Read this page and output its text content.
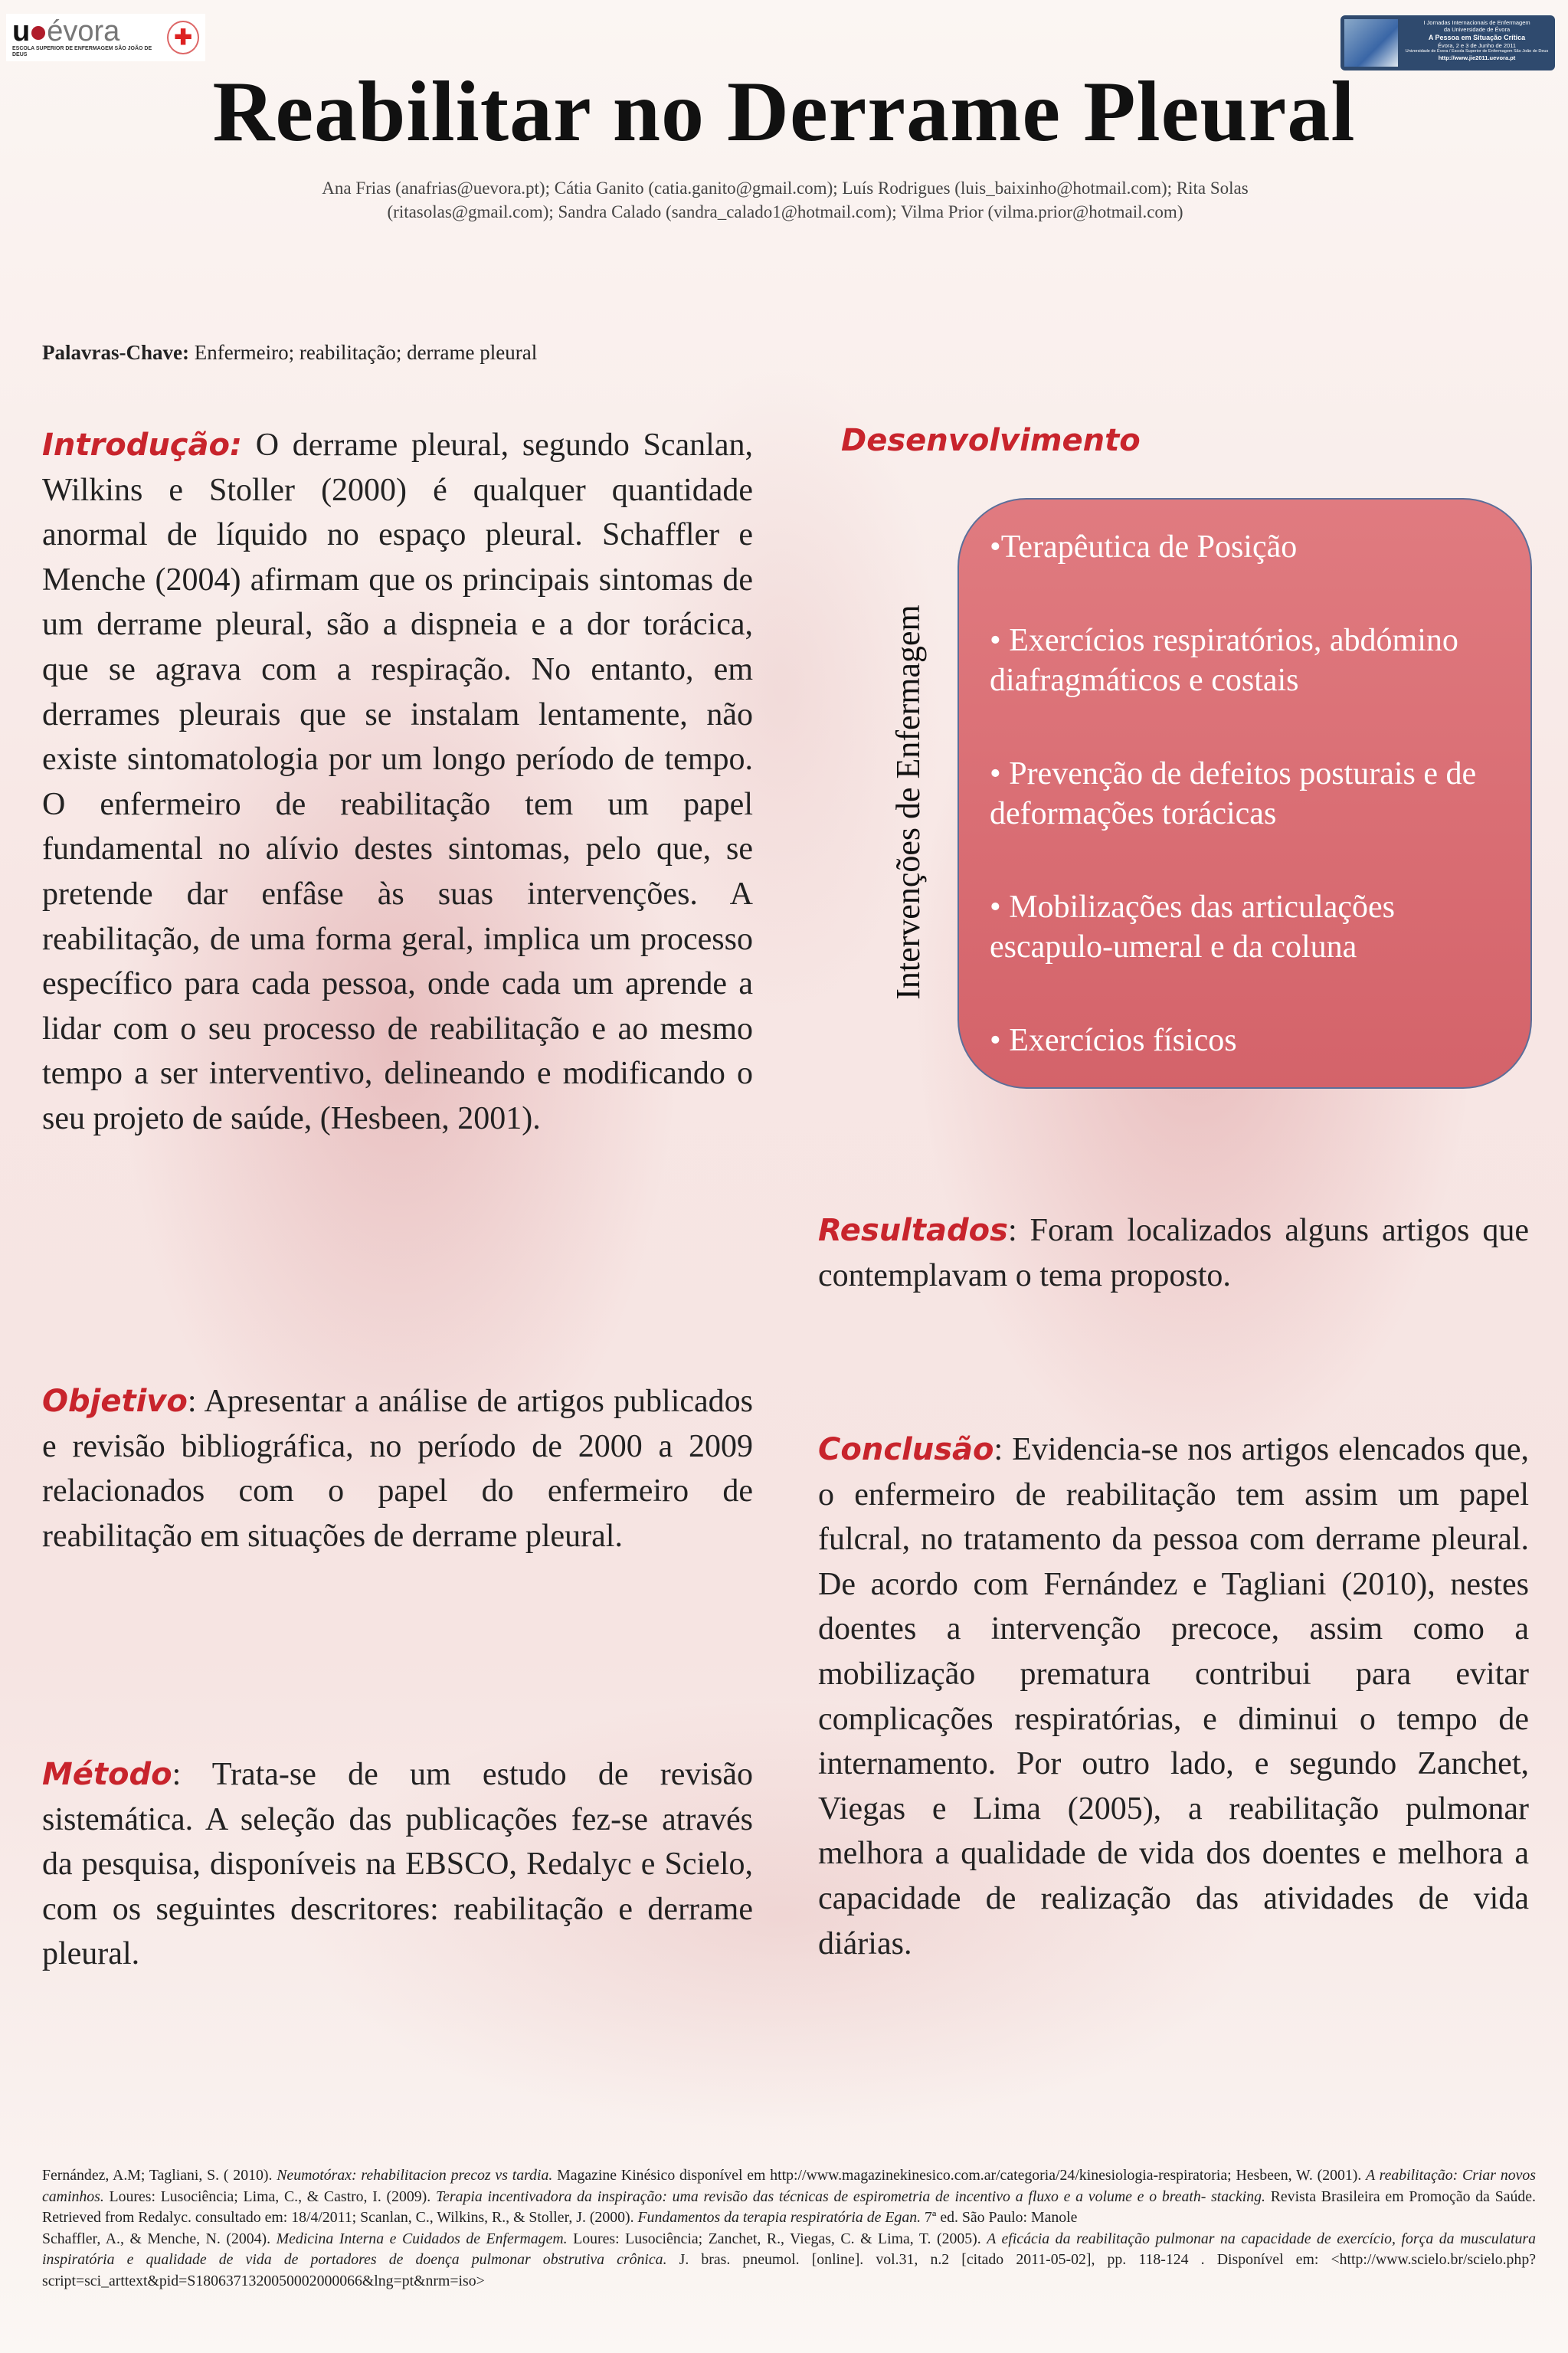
u évora
ESCOLA SUPERIOR DE ENFERMAGEM SÃO JOÃO DE DEUS
✚
I Jornadas Internacionais de Enfermagem
da Universidade de Évora
A Pessoa em Situação Crítica
Évora, 2 e 3 de Junho de 2011
Universidade de Évora / Escola Superior de Enfermagem São João de Deus
http://www.jie2011.uevora.pt
Reabilitar no Derrame Pleural
Ana Frias (anafrias@uevora.pt); Cátia Ganito (catia.ganito@gmail.com); Luís Rodrigues (luis_baixinho@hotmail.com); Rita Solas (ritasolas@gmail.com); Sandra Calado (sandra_calado1@hotmail.com); Vilma Prior (vilma.prior@hotmail.com)
Palavras-Chave: Enfermeiro; reabilitação; derrame pleural
Introdução: O derrame pleural, segundo Scanlan, Wilkins e Stoller (2000) é qualquer quantidade anormal de líquido no espaço pleural. Schaffler e Menche (2004) afirmam que os principais sintomas de um derrame pleural, são a dispneia e a dor torácica, que se agrava com a respiração. No entanto, em derrames pleurais que se instalam lentamente, não existe sintomatologia por um longo período de tempo. O enfermeiro de reabilitação tem um papel fundamental no alívio destes sintomas, pelo que, se pretende dar enfâse às suas intervenções. A reabilitação, de uma forma geral, implica um processo específico para cada pessoa, onde cada um aprende a lidar com o seu processo de reabilitação e ao mesmo tempo a ser interventivo, delineando e modificando o seu projeto de saúde, (Hesbeen, 2001).
Objetivo: Apresentar a análise de artigos publicados e revisão bibliográfica, no período de 2000 a 2009 relacionados com o papel do enfermeiro de reabilitação em situações de derrame pleural.
Método: Trata-se de um estudo de revisão sistemática. A seleção das publicações fez-se através da pesquisa, disponíveis na EBSCO, Redalyc e Scielo, com os seguintes descritores: reabilitação e derrame pleural.
Desenvolvimento
Intervenções de Enfermagem
•Terapêutica de Posição
• Exercícios respiratórios, abdómino diafragmáticos e costais
• Prevenção de defeitos posturais e de deformações torácicas
• Mobilizações das articulações escapulo-umeral e da coluna
• Exercícios físicos
Resultados: Foram localizados alguns artigos que contemplavam o tema proposto.
Conclusão: Evidencia-se nos artigos elencados que, o enfermeiro de reabilitação tem assim um papel fulcral, no tratamento da pessoa com derrame pleural. De acordo com Fernández e Tagliani (2010), nestes doentes a intervenção precoce, assim como a mobilização prematura contribui para evitar complicações respiratórias, e diminui o tempo de internamento. Por outro lado, e segundo Zanchet, Viegas e Lima (2005), a reabilitação pulmonar melhora a qualidade de vida dos doentes e melhora a capacidade de realização das atividades de vida diárias.

Fernández, A.M; Tagliani, S. ( 2010). Neumotórax: rehabilitacion precoz vs tardia. Magazine Kinésico disponível em http://www.magazinekinesico.com.ar/categoria/24/kinesiologia-respiratoria; Hesbeen, W. (2001). A reabilitação: Criar novos caminhos. Loures: Lusociência; Lima, C., & Castro, I. (2009). Terapia incentivadora da inspiração: uma revisão das técnicas de espirometria de incentivo a fluxo e a volume e o breath- stacking. Revista Brasileira em Promoção da Saúde. Retrieved from Redalyc. consultado em: 18/4/2011; Scanlan, C., Wilkins, R., & Stoller, J. (2000). Fundamentos da terapia respiratória de Egan. 7ª ed. São Paulo: Manole

Schaffler, A., & Menche, N. (2004). Medicina Interna e Cuidados de Enfermagem. Loures: Lusociência; Zanchet, R., Viegas, C. & Lima, T. (2005). A eficácia da reabilitação pulmonar na capacidade de exercício, força da musculatura inspiratória e qualidade de vida de portadores de doença pulmonar obstrutiva crônica. J. bras. pneumol. [online]. vol.31, n.2 [citado 2011-05-02], pp. 118-124 . Disponível em: <http://www.scielo.br/scielo.php?script=sci_arttext&pid=S1806371320050002000066&lng=pt&nrm=iso>
